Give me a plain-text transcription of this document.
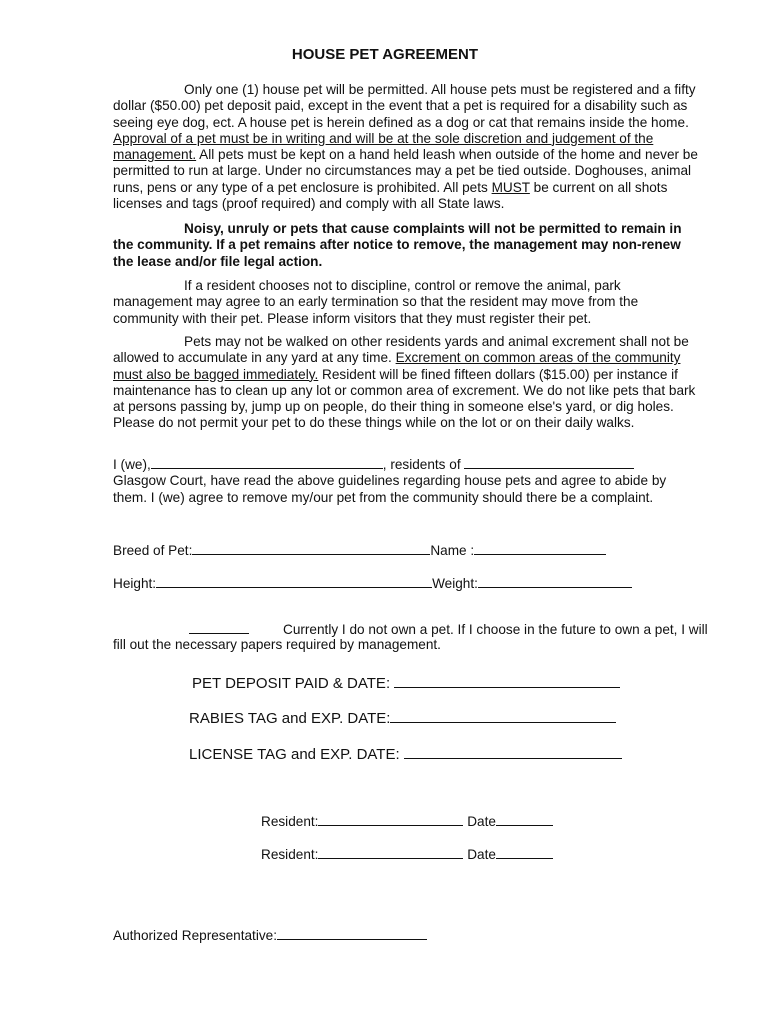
HOUSE PET AGREEMENT
Only one (1) house pet will be permitted. All house pets must be registered and a fifty dollar ($50.00) pet deposit paid, except in the event that a pet is required for a disability such as seeing eye dog, ect. A house pet is herein defined as a dog or cat that remains inside the home. Approval of a pet must be in writing and will be at the sole discretion and judgement of the management. All pets must be kept on a hand held leash when outside of the home and never be permitted to run at large. Under no circumstances may a pet be tied outside. Doghouses, animal runs, pens or any type of a pet enclosure is prohibited. All pets MUST be current on all shots licenses and tags (proof required) and comply with all State laws.
Noisy, unruly or pets that cause complaints will not be permitted to remain in the community. If a pet remains after notice to remove, the management may non-renew the lease and/or file legal action.
If a resident chooses not to discipline, control or remove the animal, park management may agree to an early termination so that the resident may move from the community with their pet. Please inform visitors that they must register their pet.
Pets may not be walked on other residents yards and animal excrement shall not be allowed to accumulate in any yard at any time. Excrement on common areas of the community must also be bagged immediately. Resident will be fined fifteen dollars ($15.00) per instance if maintenance has to clean up any lot or common area of excrement. We do not like pets that bark at persons passing by, jump up on people, do their thing in someone else's yard, or dig holes. Please do not permit your pet to do these things while on the lot or on their daily walks.
I (we),	, residents of
Glasgow Court, have read the above guidelines regarding house pets and agree to abide by them. I (we) agree to remove my/our pet from the community should there be a complaint.
Breed of Pet:	Name :
Height:	Weight:
Currently I do not own a pet. If I choose in the future to own a pet, I will
fill out the necessary papers required by management.
PET DEPOSIT PAID & DATE:
RABIES TAG and EXP. DATE:
LICENSE TAG and EXP. DATE:
Resident:	Date
Resident:	Date
Authorized Representative:
